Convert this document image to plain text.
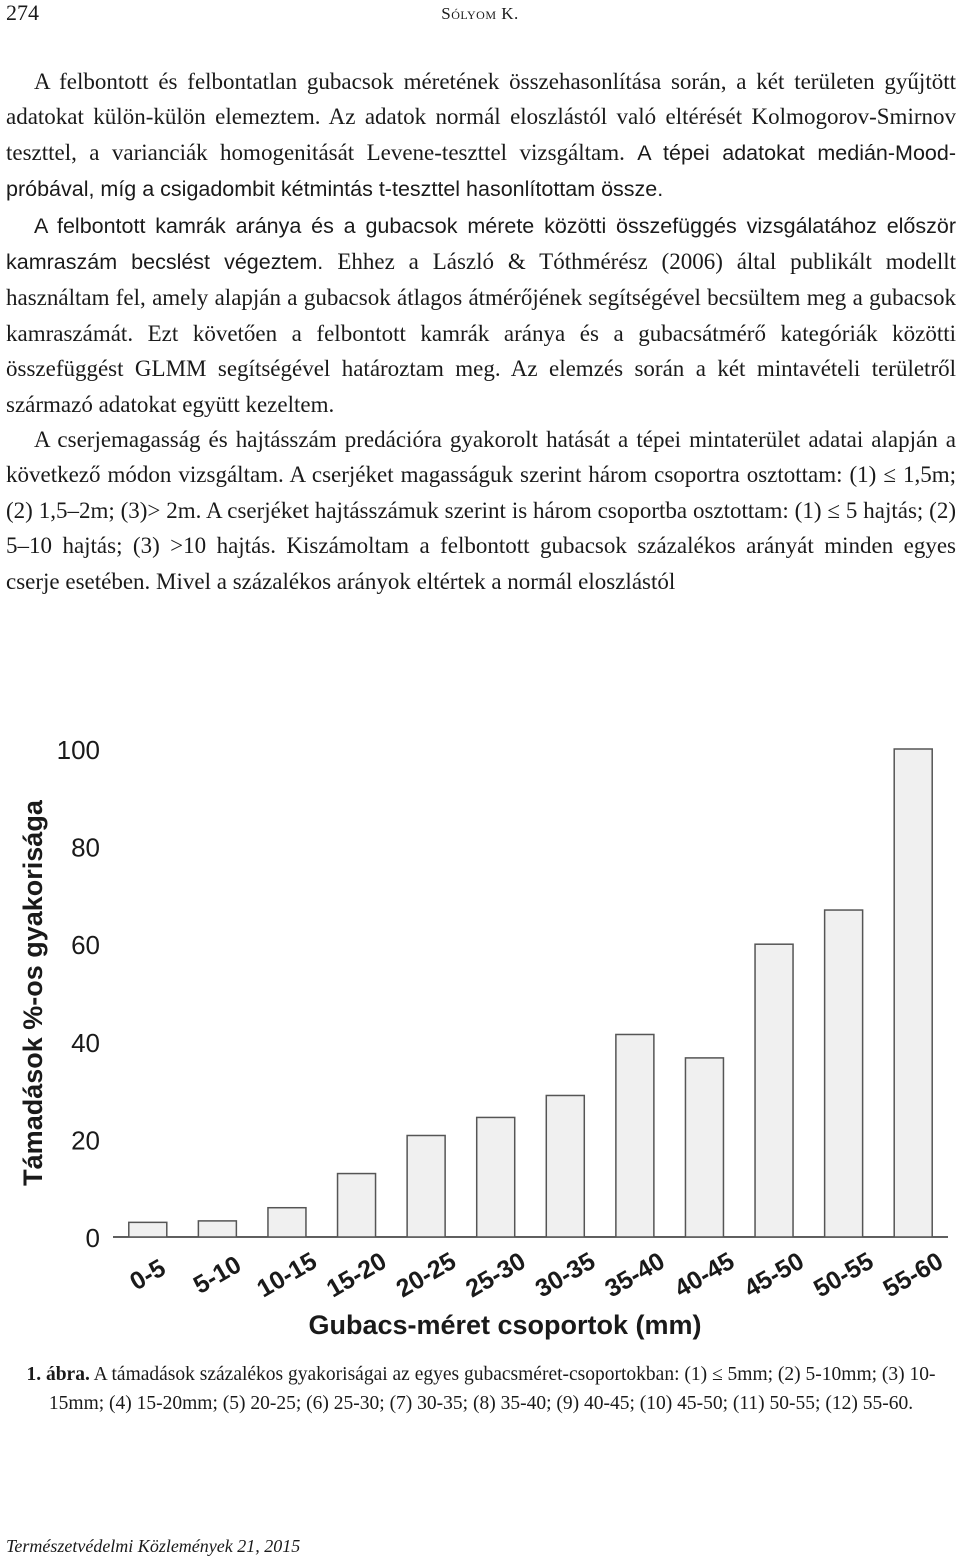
274	Sólyom K.

A felbontott és felbontatlan gubacsok méretének összehasonlítása során, a két területen gyűjtött adatokat külön-külön elemeztem. Az adatok normál eloszlástól való eltérését Kolmogorov-Smirnov teszttel, a varianciák homogenitását Levene-teszttel vizsgáltam. A tépei adatokat medián-Mood-próbával, míg a csigadombit kétmintás t-teszttel hasonlítottam össze.

A felbontott kamrák aránya és a gubacsok mérete közötti összefüggés vizsgálatához először kamraszám becslést végeztem. Ehhez a László & Tóthmérész (2006) által publikált modellt használtam fel, amely alapján a gubacsok átlagos átmérőjének segítségével becsültem meg a gubacsok kamraszámát. Ezt követően a felbontott kamrák aránya és a gubacsátmérő kategóriák közötti összefüggést GLMM segítségével határoztam meg. Az elemzés során a két mintavételi területről származó adatokat együtt kezeltem.

A cserjemagasság és hajtásszám predációra gyakorolt hatását a tépei mintaterület adatai alapján a következő módon vizsgáltam. A cserjéket magasságuk szerint három csoportra osztottam: (1) ≤ 1,5m; (2) 1,5–2m; (3)> 2m. A cserjéket hajtásszámuk szerint is három csoportba osztottam: (1) ≤ 5 hajtás; (2) 5–10 hajtás; (3) >10 hajtás. Kiszámoltam a felbontott gubacsok százalékos arányát minden egyes cserje esetében. Mivel a százalékos arányok eltértek a normál eloszlástól

0
20
40
60
80
100
Támadások %-os gyakorisága
0-5 5-10 10-15 15-20 20-25 25-30 30-35 35-40 40-45 45-50 50-55 55-60
Gubacs-méret csoportok (mm)
1. ábra. A támadások százalékos gyakoriságai az egyes gubacsméret-csoportokban: (1) ≤ 5mm; (2) 5-10mm; (3) 10-15mm; (4) 15-20mm; (5) 20-25; (6) 25-30; (7) 30-35; (8) 35-40; (9) 40-45; (10) 45-50; (11) 50-55; (12) 55-60.
Természetvédelmi Közlemények 21, 2015
